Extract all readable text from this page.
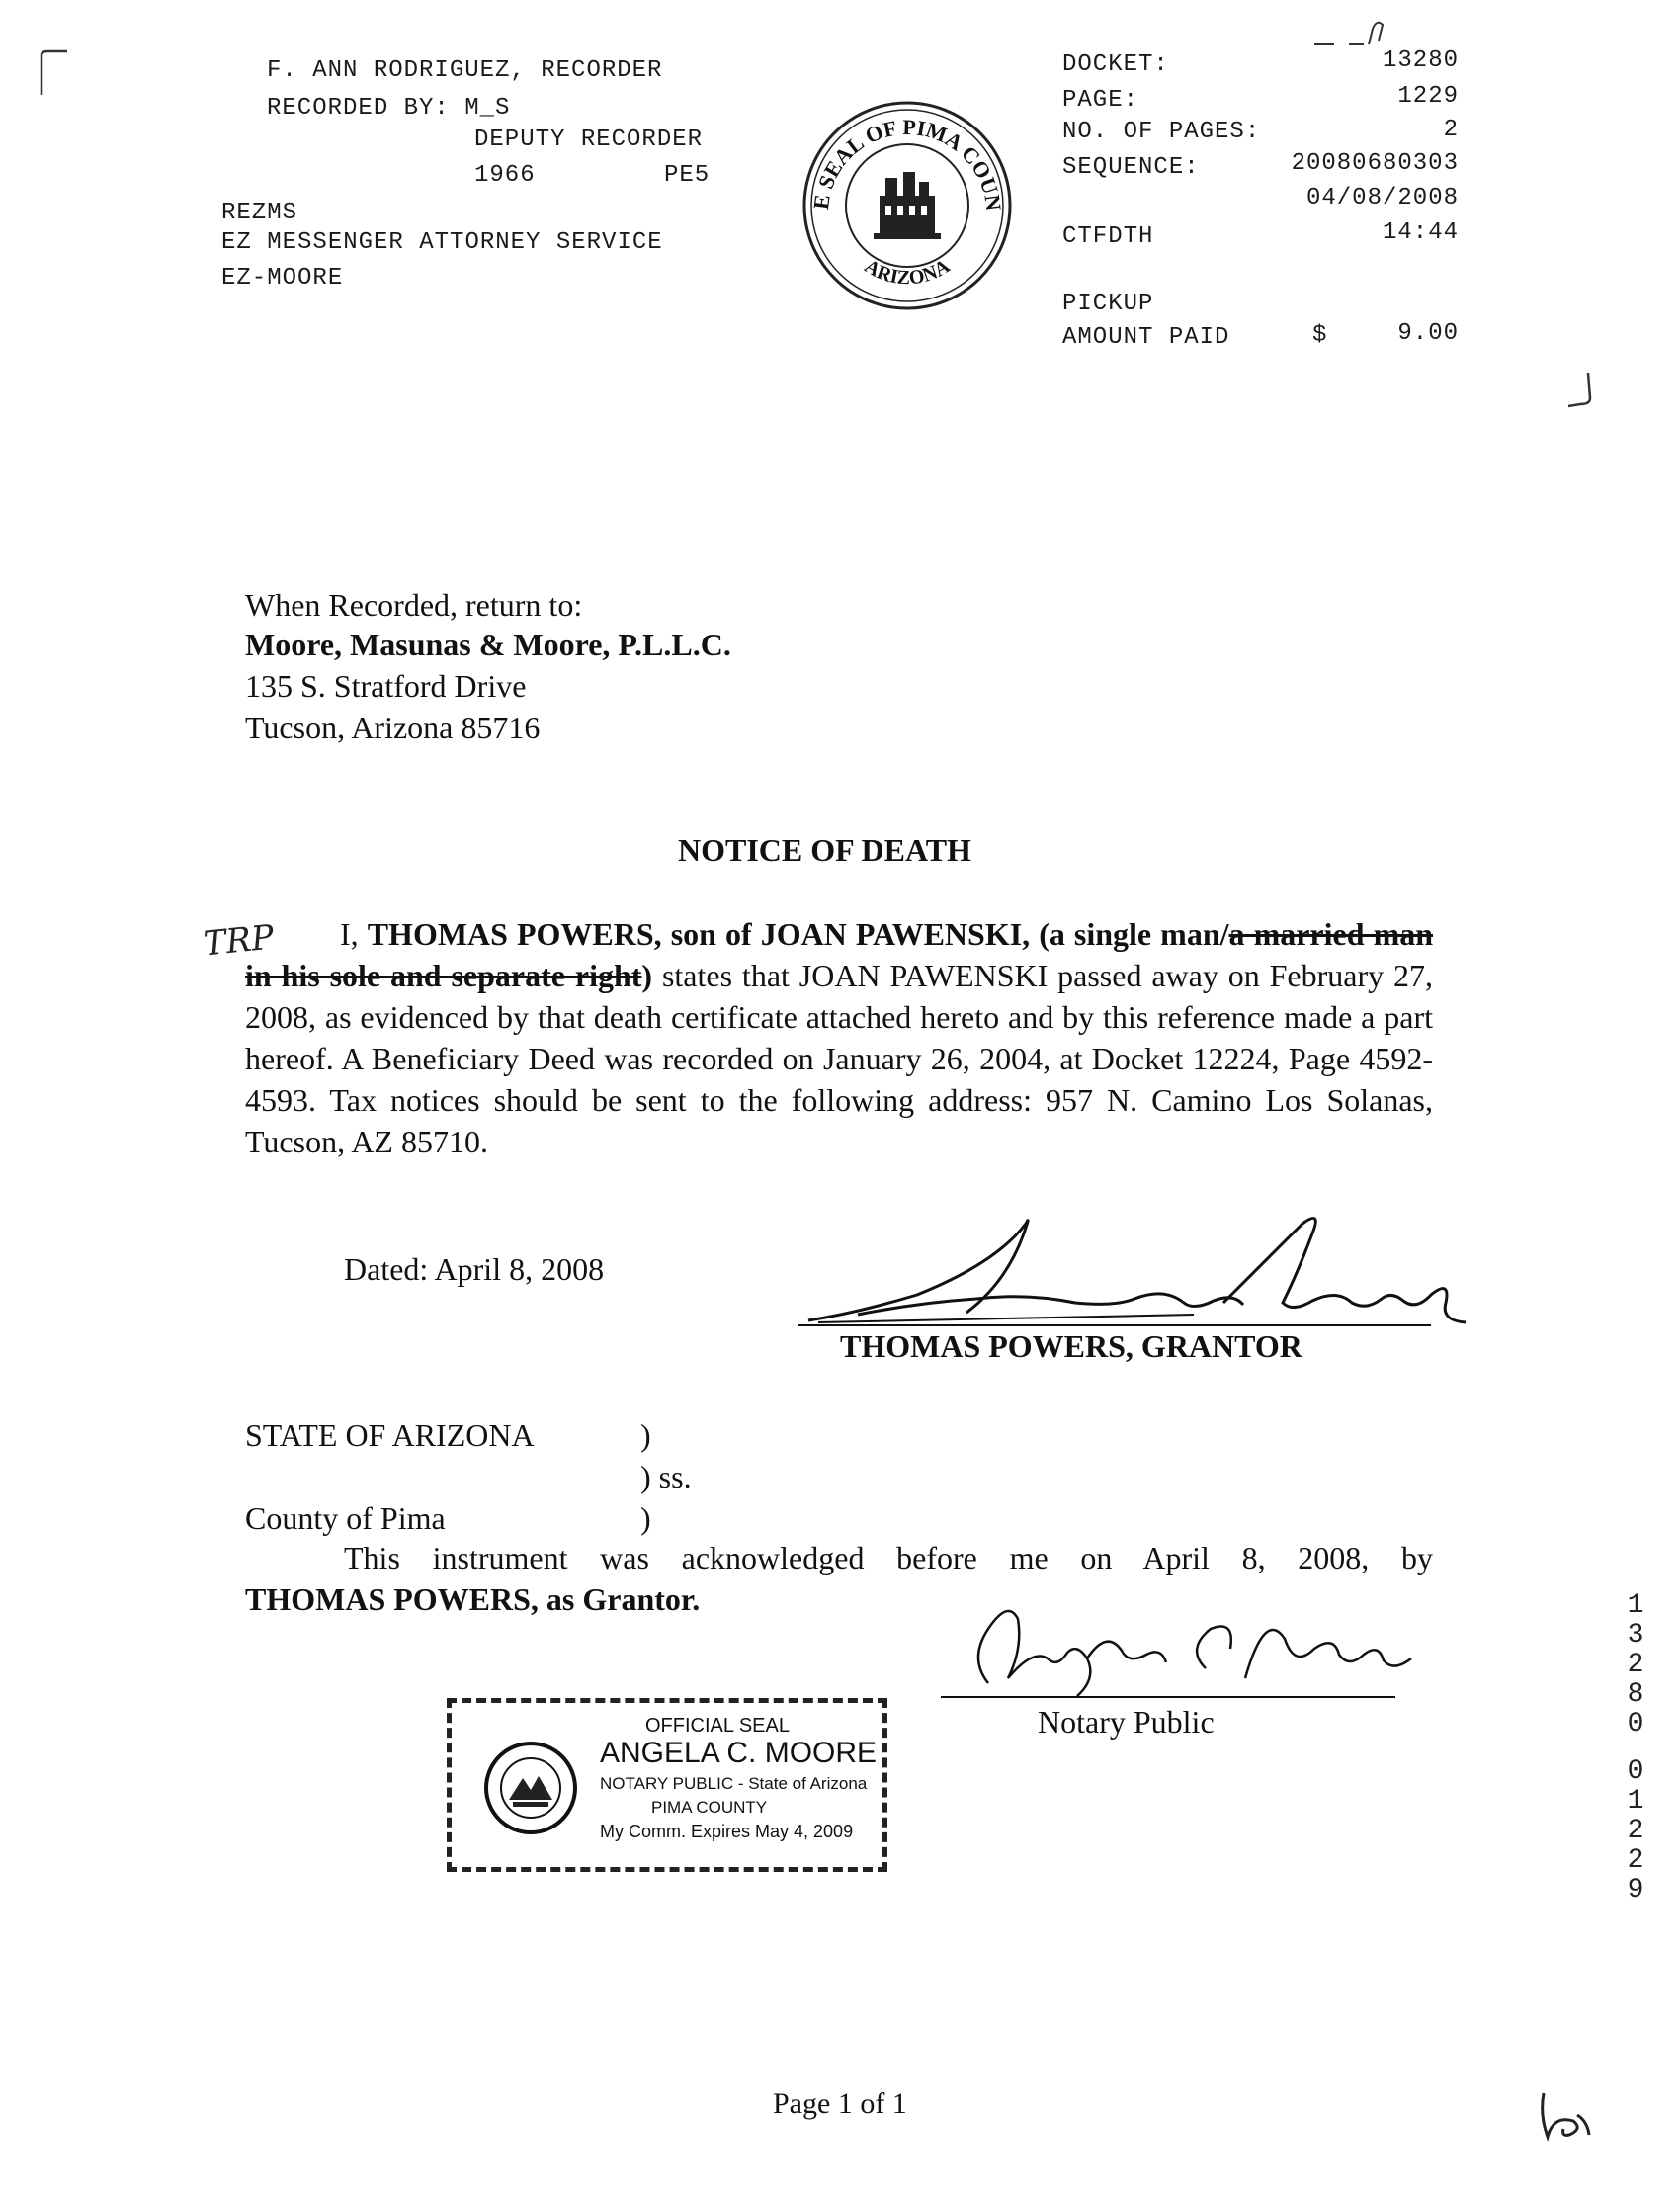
F. ANN RODRIGUEZ, RECORDER
RECORDED BY: M_S
DEPUTY RECORDER
1966	PE5
REZMS
EZ MESSENGER ATTORNEY SERVICE
EZ-MOORE
THE SEAL OF PIMA COUNTY
ARIZONA
DOCKET:	13280
PAGE:	1229
NO. OF PAGES:	2
SEQUENCE:	20080680303
04/08/2008
CTFDTH	14:44
PICKUP
AMOUNT PAID	$	9.00
When Recorded, return to:
Moore, Masunas & Moore, P.L.L.C.
135 S. Stratford Drive
Tucson, Arizona 85716
NOTICE OF DEATH
TRP	I, THOMAS POWERS, son of JOAN PAWENSKI, (a single man/a married man in his sole and separate right) states that JOAN PAWENSKI passed away on February 27, 2008, as evidenced by that death certificate attached hereto and by this reference made a part hereof. A Beneficiary Deed was recorded on January 26, 2004, at Docket 12224, Page 4592-4593. Tax notices should be sent to the following address: 957 N. Camino Los Solanas, Tucson, AZ 85710.
Dated: April 8, 2008
THOMAS POWERS, GRANTOR
STATE OF ARIZONA	)
) ss.
County of Pima	)
This instrument was acknowledged before me on April 8, 2008, by
THOMAS POWERS, as Grantor.
Notary Public
OFFICIAL SEAL
ANGELA C. MOORE
NOTARY PUBLIC - State of Arizona
PIMA COUNTY
My Comm. Expires May 4, 2009
1
3
2
8
0

0
1
2
2
9
Page 1 of 1
